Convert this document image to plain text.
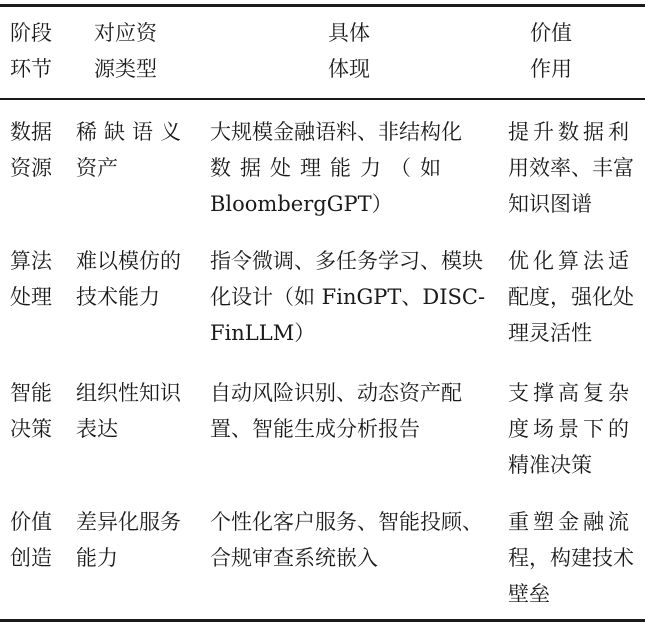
阶段
环节
对应资
源类型
具体
体现
价值
作用
数据
资源
稀缺语义
资产
大规模金融语料、非结构化
数据处理能力（如
BloombergGPT）
提升数据利
用效率、丰富
知识图谱
算法
处理
难以模仿的
技术能力
指令微调、多任务学习、模块
化设计（如 FinGPT、DISC-
FinLLM）
优化算法适
配度，强化处
理灵活性
智能
决策
组织性知识
表达
自动风险识别、动态资产配
置、智能生成分析报告
支撑高复杂
度场景下的
精准决策
价值
创造
差异化服务
能力
个性化客户服务、智能投顾、
合规审查系统嵌入
重塑金融流
程，构建技术
壁垒
